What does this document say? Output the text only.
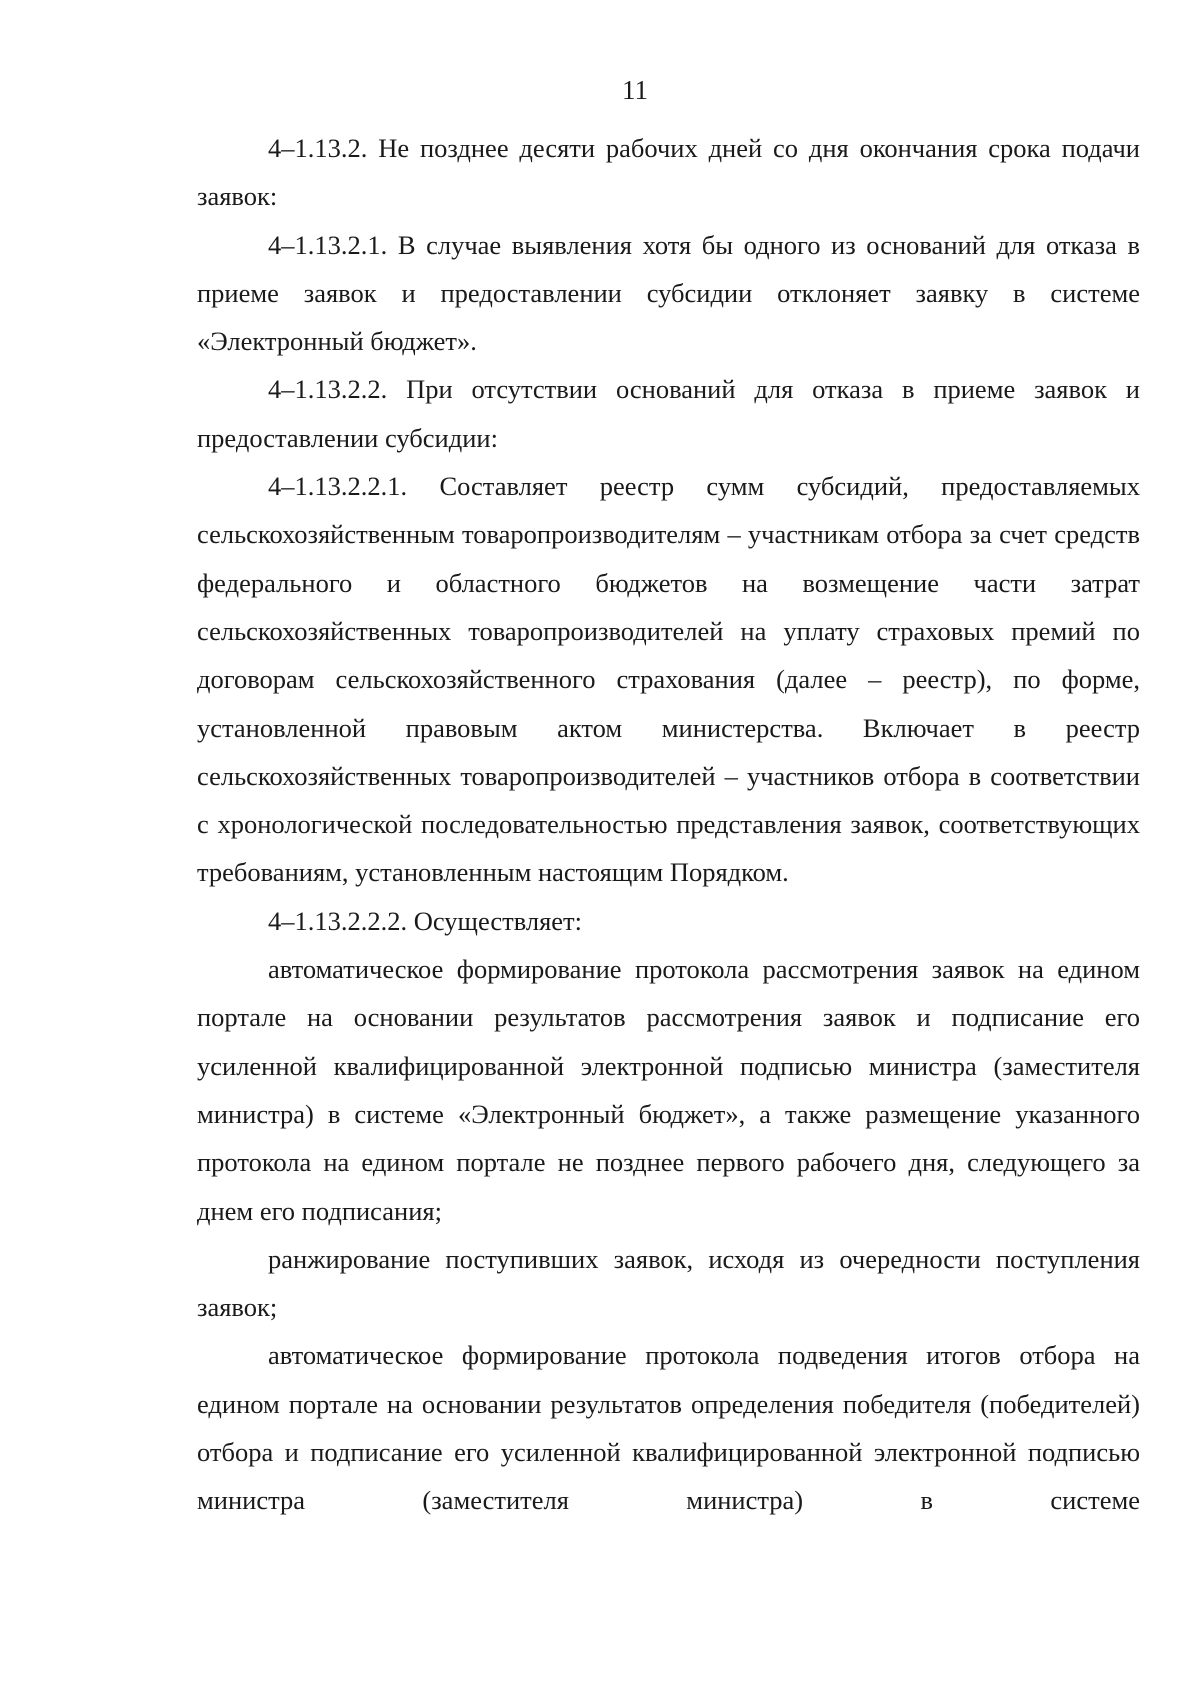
11

4–1.13.2. Не позднее десяти рабочих дней со дня окончания срока подачи заявок:

4–1.13.2.1. В случае выявления хотя бы одного из оснований для отказа в приеме заявок и предоставлении субсидии отклоняет заявку в системе «Электронный бюджет».

4–1.13.2.2. При отсутствии оснований для отказа в приеме заявок и предоставлении субсидии:

4–1.13.2.2.1. Составляет реестр сумм субсидий, предоставляемых сельскохозяйственным товаропроизводителям – участникам отбора за счет средств федерального и областного бюджетов на возмещение части затрат сельскохозяйственных товаропроизводителей на уплату страховых премий по договорам сельскохозяйственного страхования (далее – реестр), по форме, установленной правовым актом министерства. Включает в реестр сельскохозяйственных товаропроизводителей – участников отбора в соответствии с хронологической последовательностью представления заявок, соответствующих требованиям, установленным настоящим Порядком.

4–1.13.2.2.2. Осуществляет:

автоматическое формирование протокола рассмотрения заявок на едином портале на основании результатов рассмотрения заявок и подписание его усиленной квалифицированной электронной подписью министра (заместителя министра) в системе «Электронный бюджет», а также размещение указанного протокола на едином портале не позднее первого рабочего дня, следующего за днем его подписания;

ранжирование поступивших заявок, исходя из очередности поступления заявок;

автоматическое формирование протокола подведения итогов отбора на едином портале на основании результатов определения победителя (победителей) отбора и подписание его усиленной квалифицированной электронной подписью министра (заместителя министра) в системе
